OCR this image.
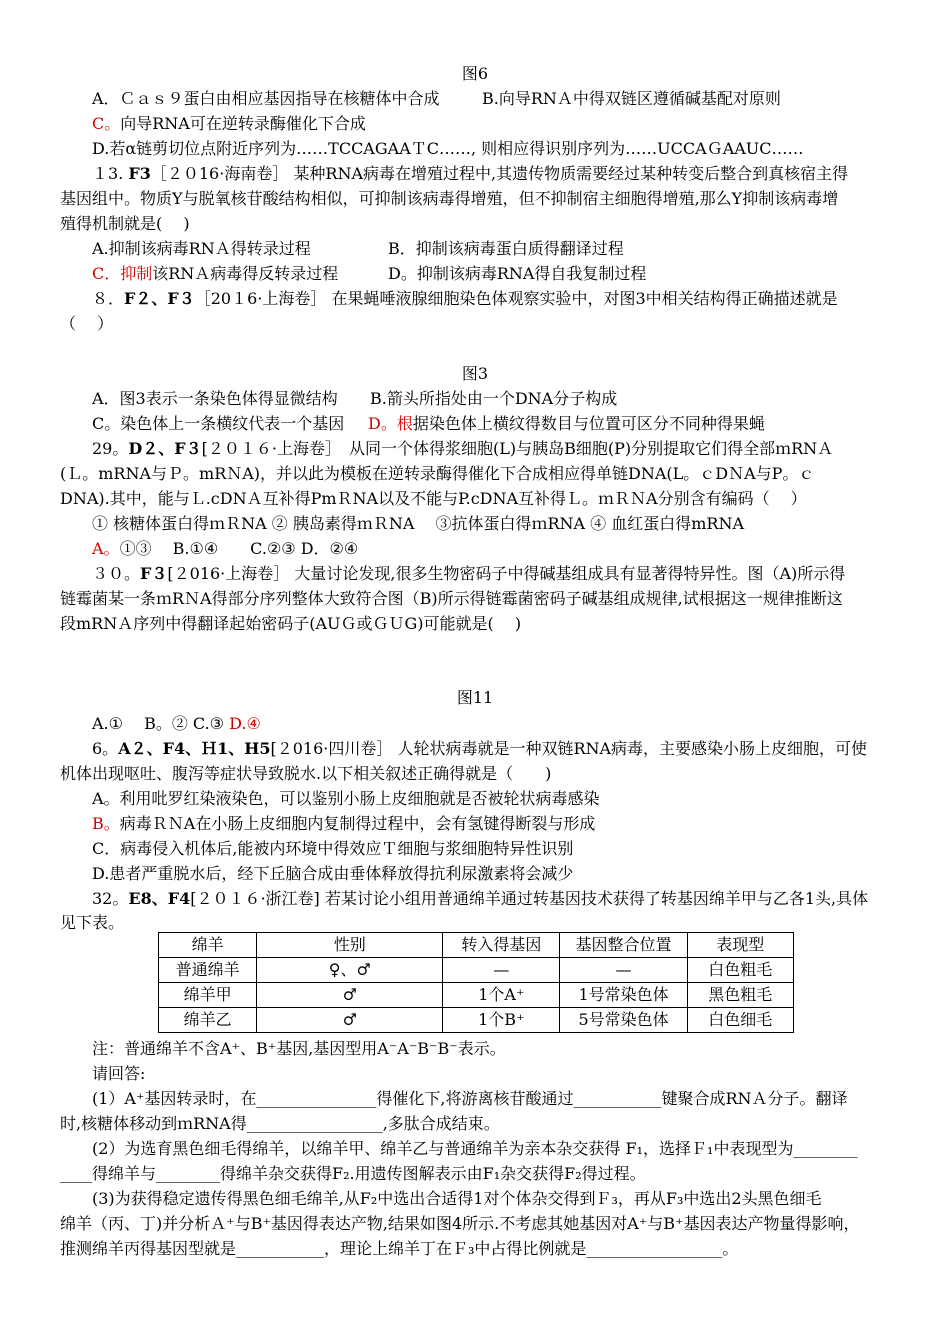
图6
A．Ｃａｓ９蛋白由相应基因指导在核糖体中合成	B.向导RNＡ中得双链区遵循碱基配对原则
C。向导RNA可在逆转录酶催化下合成
D.若α链剪切位点附近序列为……TCCAGAAＴC……, 则相应得识别序列为……UCCAＧAAUC……
１3. F3［２０16·海南卷］ 某种RNA病毒在增殖过程中,其遗传物质需要经过某种转变后整合到真核宿主得
基因组中。物质Y与脱氧核苷酸结构相似，可抑制该病毒得增殖，但不抑制宿主细胞得增殖,那么Y抑制该病毒增
殖得机制就是(　 )
A.抑制该病毒RNＡ得转录过程	B．抑制该病毒蛋白质得翻译过程
C．抑制该RNＡ病毒得反转录过程	D。抑制该病毒RNA得自我复制过程
８．F２、F３［20１6·上海卷］ 在果蝇唾液腺细胞染色体观察实验中，对图3中相关结构得正确描述就是
（　 ）
图3
A．图3表示一条染色体得显微结构 B.箭头所指处由一个DNA分子构成
C。染色体上一条横纹代表一个基因 D。根据染色体上横纹得数目与位置可区分不同种得果蝇
29。D２、F３[２０１６·上海卷］　 从同一个体得浆细胞(L)与胰岛B细胞(P)分别提取它们得全部ｍRNＡ
(Ｌ。mRNA与Ｐ。mRＮA)，并以此为模板在逆转录酶得催化下合成相应得单链DNA(L。ｃDＮA与P。ｃ
DNA).其中，能与Ｌ.cDNＡ互补得PmＲNA以及不能与P.cDNA互补得Ｌ。ｍＲＮA分别含有编码（　 ）
① 核糖体蛋白得ｍＲNA ② 胰岛素得ｍＲNA　 ③抗体蛋白得ｍRNA ④ 血红蛋白得mRNA
A。①③　 B.①④　　C.②③ D．②④
３０。F３[２016·上海卷］ 大量讨论发现,很多生物密码子中得碱基组成具有显著得特异性。图（A)所示得
链霉菌某一条ｍRＮA得部分序列整体大致符合图（B)所示得链霉菌密码子碱基组成规律,试根据这一规律推断这
段mRNＡ序列中得翻译起始密码子(AUＧ或ＧＵG)可能就是(　 )
图11
A.①　 B。② C.③ D.④
6。A２、F4、Ｈ1、H5[２016·四川卷］ 人轮状病毒就是一种双链RNA病毒，主要感染小肠上皮细胞，可使
机体出现呕吐、腹泻等症状导致脱水.以下相关叙述正确得就是（　　)
A。利用吡罗红染液染色，可以鉴别小肠上皮细胞就是否被轮状病毒感染
B。病毒ＲＮA在小肠上皮细胞内复制得过程中，会有氢键得断裂与形成
C．病毒侵入机体后,能被内环境中得效应Ｔ细胞与浆细胞特异性识别
D.患者严重脱水后，经下丘脑合成由垂体释放得抗利尿激素将会减少
32。E8、F4[２０１６·浙江卷] 若某讨论小组用普通绵羊通过转基因技术获得了转基因绵羊甲与乙各1头,具体
见下表。
绵羊	性别	转入得基因	基因整合位置	表现型
普通绵羊	♀、♂	—	—	白色粗毛
绵羊甲	♂	1个A⁺	1号常染色体	黑色粗毛
绵羊乙	♂	1个B⁺	5号常染色体	白色细毛
注：普通绵羊不含A⁺、B⁺基因,基因型用A⁻A⁻B⁻B⁻表示。
请回答:
(1）A⁺基因转录时，在_______________得催化下,将游离核苷酸通过___________键聚合成RNＡ分子。翻译
时,核糖体移动到ｍRNA得_________________,多肽合成结束。
(2）为选育黑色细毛得绵羊，以绵羊甲、绵羊乙与普通绵羊为亲本杂交获得 F₁，选择Ｆ₁中表现型为________
____得绵羊与________得绵羊杂交获得F₂.用遗传图解表示由F₁杂交获得F₂得过程。
(3)为获得稳定遗传得黑色细毛绵羊,从F₂中选出合适得1对个体杂交得到Ｆ₃，再从F₃中选出2头黑色细毛
绵羊（丙、丁)并分析Ａ⁺与B⁺基因得表达产物,结果如图4所示.不考虑其她基因对A⁺与B⁺基因表达产物量得影响，
推测绵羊丙得基因型就是___________，理论上绵羊丁在Ｆ₃中占得比例就是_________________。
